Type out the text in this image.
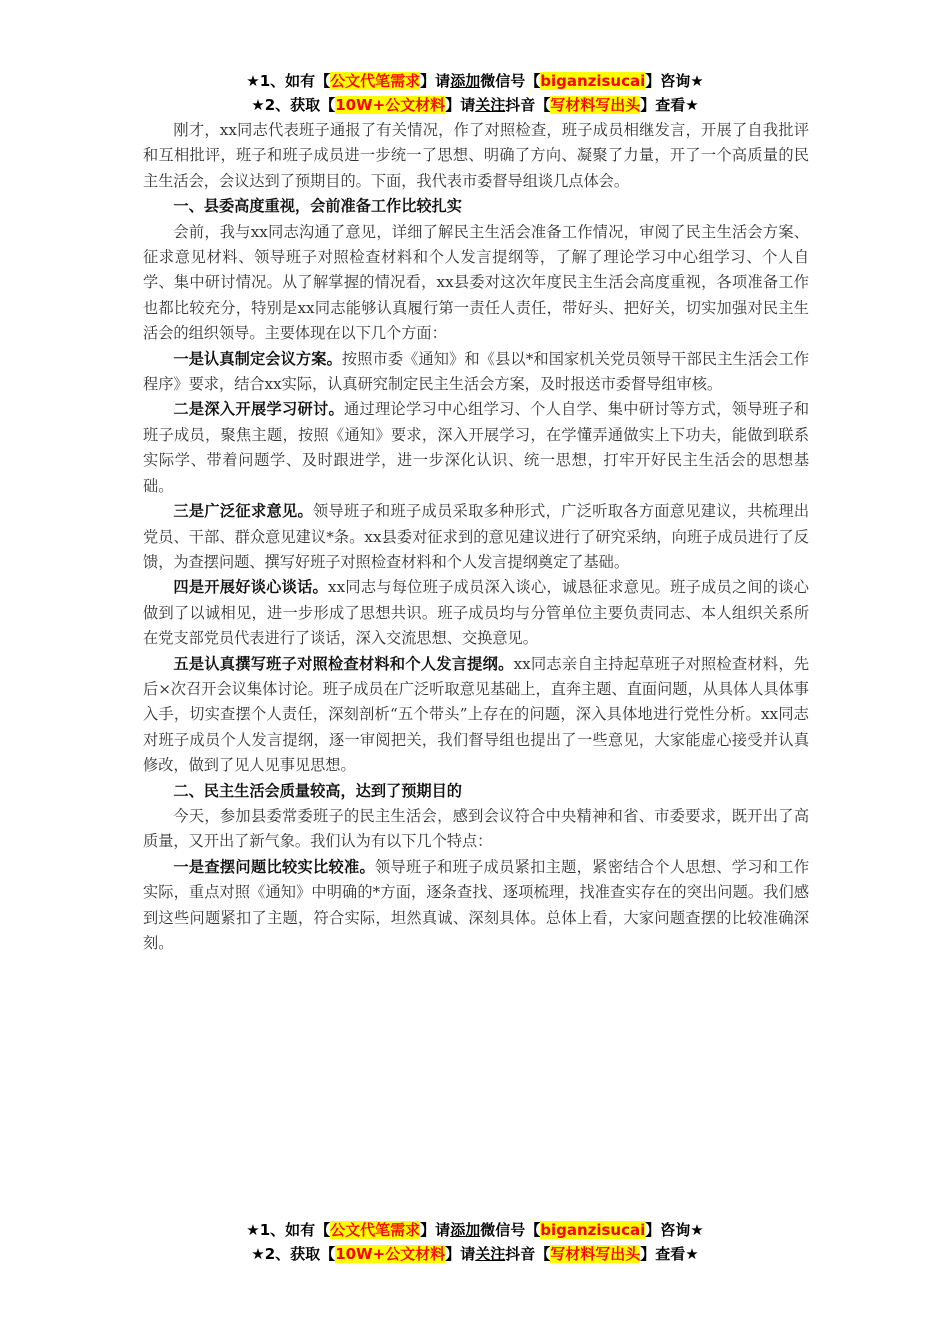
★1、如有【公文代笔需求】请添加微信号【biganzisucai】咨询★
★2、获取【10W+公文材料】请关注抖音【写材料写出头】查看★

刚才，xx同志代表班子通报了有关情况，作了对照检查，班子成员相继发言，开展了自我批评和互相批评，班子和班子成员进一步统一了思想、明确了方向、凝聚了力量，开了一个高质量的民主生活会，会议达到了预期目的。下面，我代表市委督导组谈几点体会。

一、县委高度重视，会前准备工作比较扎实

会前，我与xx同志沟通了意见，详细了解民主生活会准备工作情况，审阅了民主生活会方案、征求意见材料、领导班子对照检查材料和个人发言提纲等，了解了理论学习中心组学习、个人自学、集中研讨情况。从了解掌握的情况看，xx县委对这次年度民主生活会高度重视，各项准备工作也都比较充分，特别是xx同志能够认真履行第一责任人责任，带好头、把好关，切实加强对民主生活会的组织领导。主要体现在以下几个方面：

一是认真制定会议方案。按照市委《通知》和《县以*和国家机关党员领导干部民主生活会工作程序》要求，结合xx实际，认真研究制定民主生活会方案，及时报送市委督导组审核。

二是深入开展学习研讨。通过理论学习中心组学习、个人自学、集中研讨等方式，领导班子和班子成员，聚焦主题，按照《通知》要求，深入开展学习，在学懂弄通做实上下功夫，能做到联系实际学、带着问题学、及时跟进学，进一步深化认识、统一思想，打牢开好民主生活会的思想基础。

三是广泛征求意见。领导班子和班子成员采取多种形式，广泛听取各方面意见建议，共梳理出党员、干部、群众意见建议*条。xx县委对征求到的意见建议进行了研究采纳，向班子成员进行了反馈，为查摆问题、撰写好班子对照检查材料和个人发言提纲奠定了基础。

四是开展好谈心谈话。xx同志与每位班子成员深入谈心，诚恳征求意见。班子成员之间的谈心做到了以诚相见，进一步形成了思想共识。班子成员均与分管单位主要负责同志、本人组织关系所在党支部党员代表进行了谈话，深入交流思想、交换意见。

五是认真撰写班子对照检查材料和个人发言提纲。xx同志亲自主持起草班子对照检查材料，先后×次召开会议集体讨论。班子成员在广泛听取意见基础上，直奔主题、直面问题，从具体人具体事入手，切实查摆个人责任，深刻剖析“五个带头”上存在的问题，深入具体地进行党性分析。xx同志对班子成员个人发言提纲，逐一审阅把关，我们督导组也提出了一些意见，大家能虚心接受并认真修改，做到了见人见事见思想。

二、民主生活会质量较高，达到了预期目的

今天，参加县委常委班子的民主生活会，感到会议符合中央精神和省、市委要求，既开出了高质量，又开出了新气象。我们认为有以下几个特点：

一是查摆问题比较实比较准。领导班子和班子成员紧扣主题，紧密结合个人思想、学习和工作实际，重点对照《通知》中明确的*方面，逐条查找、逐项梳理，找准查实存在的突出问题。我们感到这些问题紧扣了主题，符合实际，坦然真诚、深刻具体。总体上看，大家问题查摆的比较准确深刻。

★1、如有【公文代笔需求】请添加微信号【biganzisucai】咨询★
★2、获取【10W+公文材料】请关注抖音【写材料写出头】查看★
